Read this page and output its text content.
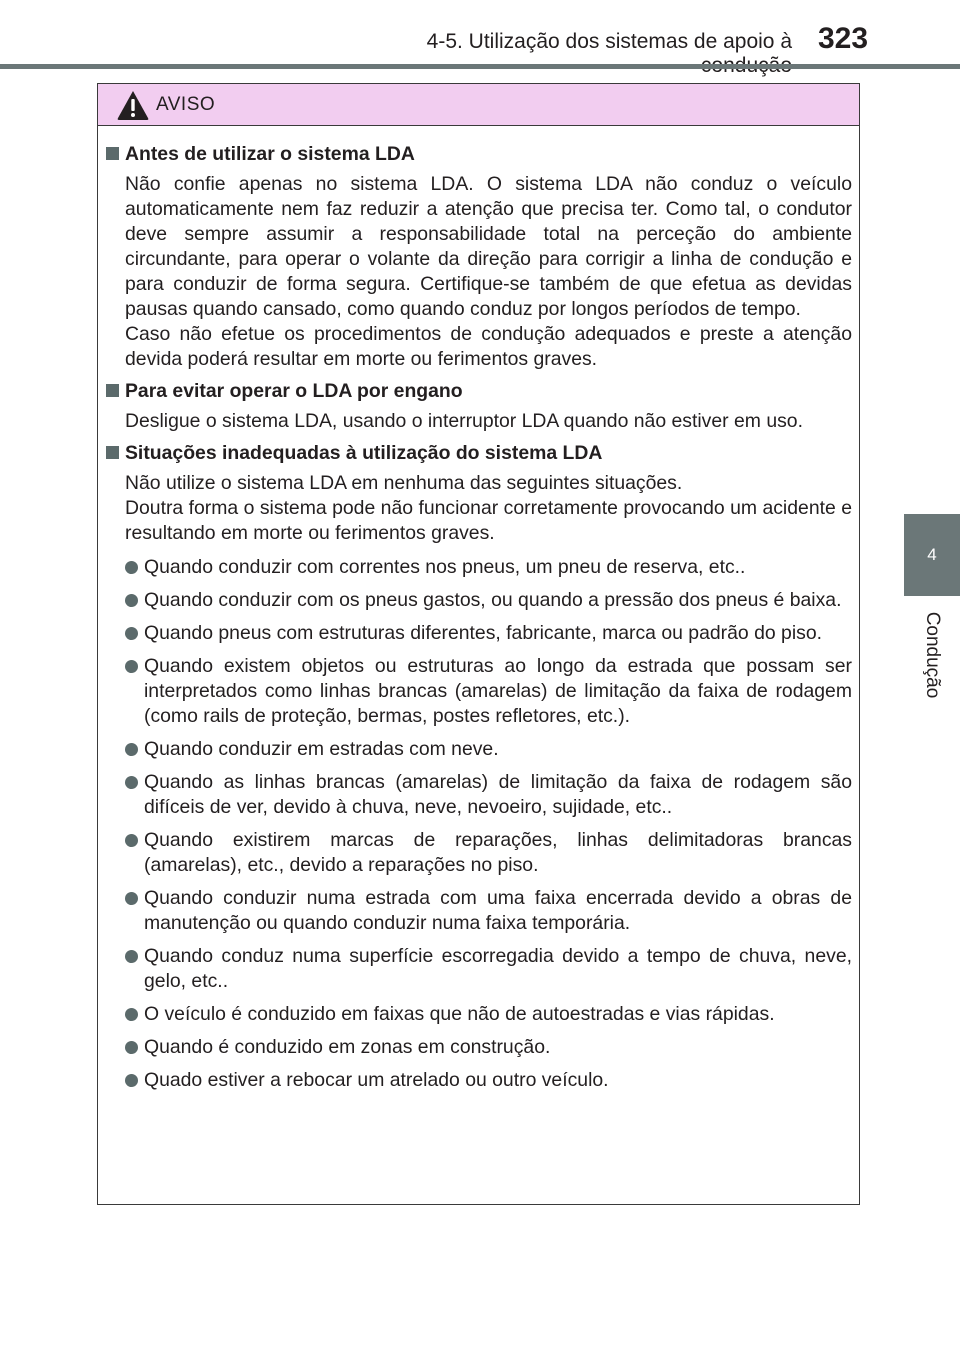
4-5. Utilização dos sistemas de apoio à 323
4
Condução
AVISO
Antes de utilizar o sistema LDA
Não confie apenas no sistema LDA. O sistema LDA não conduz o veículo automaticamente nem faz reduzir a atenção que precisa ter. Como tal, o condutor deve sempre assumir a responsabilidade total na perceção do ambiente circundante, para operar o volante da direção para corrigir a linha de condução e para conduzir de forma segura. Certifique-se também de que efetua as devidas pausas quando cansado, como quando conduz por longos períodos de tempo.
Caso não efetue os procedimentos de condução adequados e preste a atenção devida poderá resultar em morte ou ferimentos graves.
Para evitar operar o LDA por engano
Desligue o sistema LDA, usando o interruptor LDA quando não estiver em uso.
Situações inadequadas à utilização do sistema LDA
Não utilize o sistema LDA em nenhuma das seguintes situações.
Doutra forma o sistema pode não funcionar corretamente provocando um acidente e resultando em morte ou ferimentos graves.
Quando conduzir com correntes nos pneus, um pneu de reserva, etc..
Quando conduzir com os pneus gastos, ou quando a pressão dos pneus é baixa.
Quando pneus com estruturas diferentes, fabricante, marca ou padrão do piso.
Quando existem objetos ou estruturas ao longo da estrada que possam ser interpretados como linhas brancas (amarelas) de limitação da faixa de rodagem (como rails de proteção, bermas, postes refletores, etc.).
Quando conduzir em estradas com neve.
Quando as linhas brancas (amarelas) de limitação da faixa de rodagem são difíceis de ver, devido à chuva, neve, nevoeiro, sujidade, etc..
Quando existirem marcas de reparações, linhas delimitadoras brancas (amarelas), etc., devido a reparações no piso.
Quando conduzir numa estrada com uma faixa encerrada devido a obras de manutenção ou quando conduzir numa faixa temporária.
Quando conduz numa superfície escorregadia devido a tempo de chuva, neve, gelo, etc..
O veículo é conduzido em faixas que não de autoestradas e vias rápidas.
Quando é conduzido em zonas em construção.
Quado estiver a rebocar um atrelado ou outro veículo.
